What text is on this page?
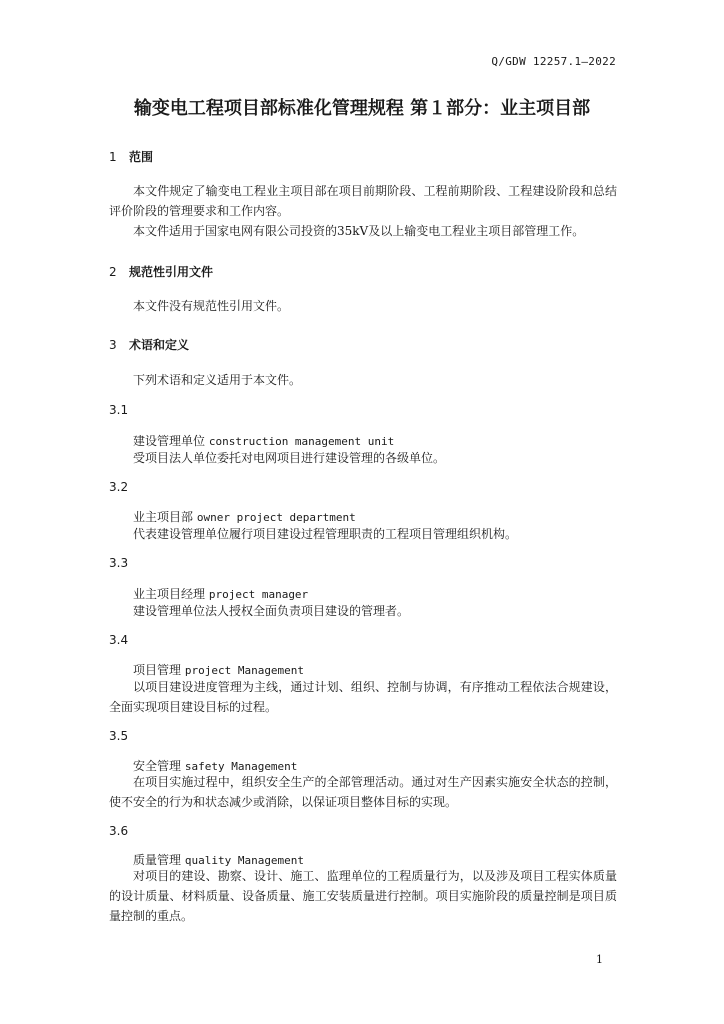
Q/GDW 12257.1—2022
输变电工程项目部标准化管理规程 第１部分：业主项目部
1 范围
本文件规定了输变电工程业主项目部在项目前期阶段、工程前期阶段、工程建设阶段和总结评价阶段的管理要求和工作内容。
本文件适用于国家电网有限公司投资的35kV及以上输变电工程业主项目部管理工作。
2 规范性引用文件
本文件没有规范性引用文件。
3 术语和定义
下列术语和定义适用于本文件。
3.1
建设管理单位 construction management unit
受项目法人单位委托对电网项目进行建设管理的各级单位。
3.2
业主项目部 owner project department
代表建设管理单位履行项目建设过程管理职责的工程项目管理组织机构。
3.3
业主项目经理 project manager
建设管理单位法人授权全面负责项目建设的管理者。
3.4
项目管理 project Management
以项目建设进度管理为主线，通过计划、组织、控制与协调，有序推动工程依法合规建设，全面实现项目建设目标的过程。
3.5
安全管理 safety Management
在项目实施过程中，组织安全生产的全部管理活动。通过对生产因素实施安全状态的控制，使不安全的行为和状态减少或消除，以保证项目整体目标的实现。
3.6
质量管理 quality Management
对项目的建设、勘察、设计、施工、监理单位的工程质量行为，以及涉及项目工程实体质量的设计质量、材料质量、设备质量、施工安装质量进行控制。项目实施阶段的质量控制是项目质量控制的重点。
1
